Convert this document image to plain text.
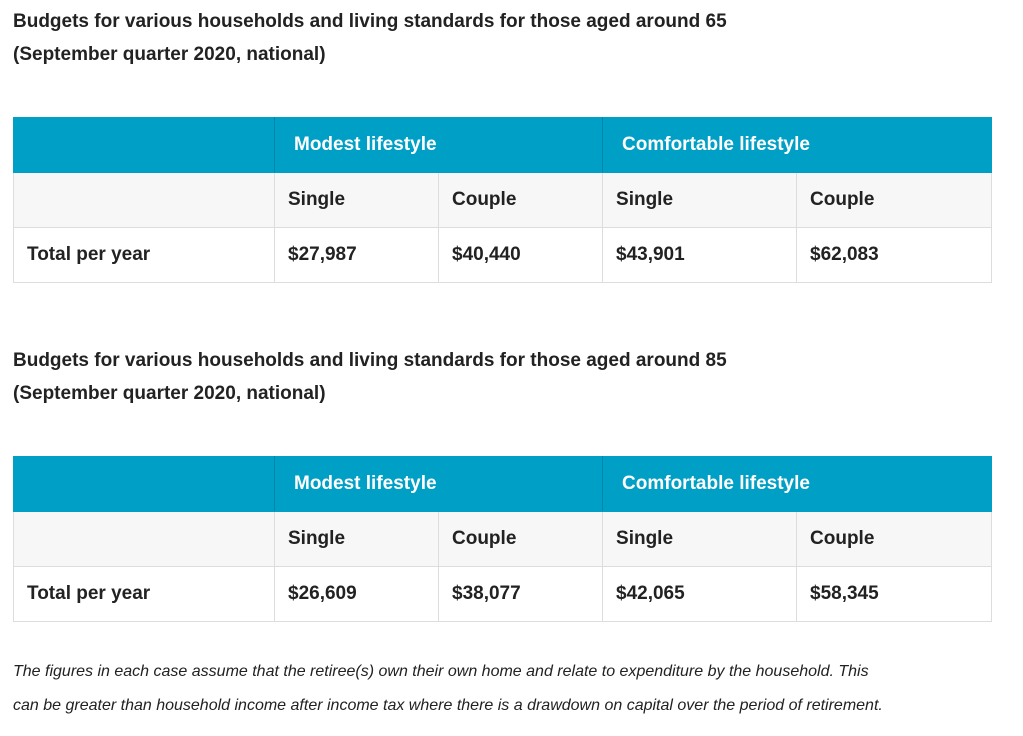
Budgets for various households and living standards for those aged around 65
(September quarter 2020, national)
	Modest lifestyle		Comfortable lifestyle	
	Single	Couple	Single	Couple
Total per year	$27,987	$40,440	$43,901	$62,083
Budgets for various households and living standards for those aged around 85
(September quarter 2020, national)
	Modest lifestyle		Comfortable lifestyle	
	Single	Couple	Single	Couple
Total per year	$26,609	$38,077	$42,065	$58,345
The figures in each case assume that the retiree(s) own their own home and relate to expenditure by the household. This
can be greater than household income after income tax where there is a drawdown on capital over the period of retirement.
